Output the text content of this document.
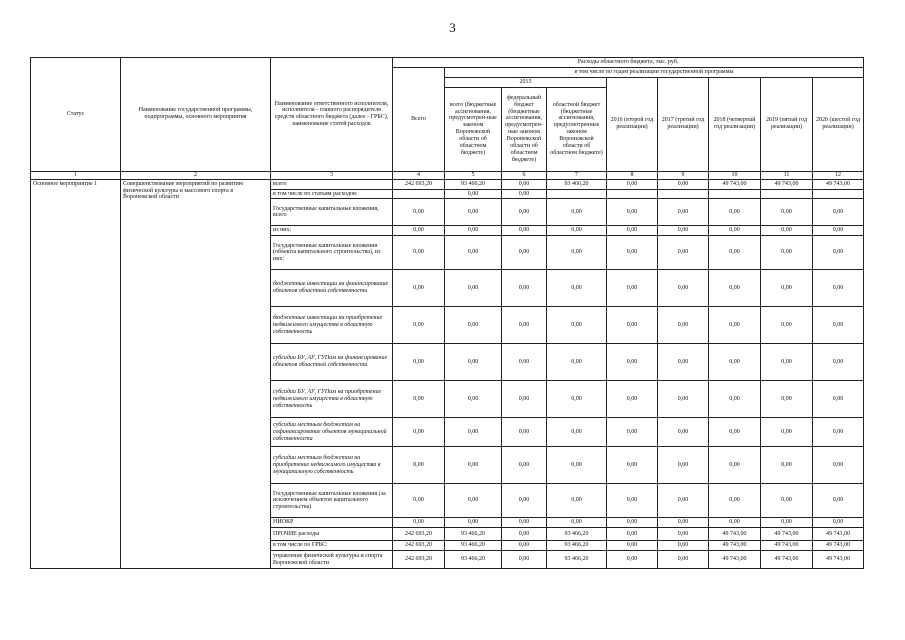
3
Статус	Наименование государственной программы, подпрограммы, основного мероприятия	Наименование ответственного исполнителя, исполнителя - главного распорядителя средств областного бюджета (далее - ГРБС), наименование статей расходов	Расходы областного бюджета, тыс. руб.								
			Всего	в том числе по годам реализации государственной программы							
				2015			2016 (второй год реализации)	2017 (третий год реализации)	2018 (четвертый год реализации)	2019 (пятый год реализации)	2020 (шестой год реализации)
				всего (бюджетные ассигнования, предусмотрен-ные законом Воронежской области об областном бюджете)	федеральный бюджет (бюджетные ассигнования, предусмотрен-ные законом Воронежской области об областном бюджете)	областной бюджет (бюджетные ассигнования, предусмотренные законом Воронежской области об областном бюджете)					
1	2	3	4	5	6	7	8	9	10	11	12
Основное мероприятие 1	Совершенствование мероприятий по развитию физической культуры и массового спорта в Воронежской области	всего	242 693,20	93 466,20	0,00	93 466,20	0,00	0,00	49 743,00	49 743,00	49 743,00
		в том числе по статьям расходов:		0,00	0,00						
		Государственные капитальные вложения, всего	0,00	0,00	0,00	0,00	0,00	0,00	0,00	0,00	0,00
		из них:	0,00	0,00	0,00	0,00	0,00	0,00	0,00	0,00	0,00
		Государственные капитальные вложения (объекты капитального строительства), из них:	0,00	0,00	0,00	0,00	0,00	0,00	0,00	0,00	0,00
		бюджетные инвестиции на финансирование объектов областной собственности	0,00	0,00	0,00	0,00	0,00	0,00	0,00	0,00	0,00
		бюджетные инвестиции на приобретение недвижимого имущества в областную собственность	0,00	0,00	0,00	0,00	0,00	0,00	0,00	0,00	0,00
		субсидии БУ, АУ, ГУПам на финансирование объектов областной собственности	0,00	0,00	0,00	0,00	0,00	0,00	0,00	0,00	0,00
		субсидии БУ, АУ, ГУПам на приобретение недвижимого имущества в областную собственность	0,00	0,00	0,00	0,00	0,00	0,00	0,00	0,00	0,00
		субсидии местным бюджетам на софинансирование объектов муниципальной собственности	0,00	0,00	0,00	0,00	0,00	0,00	0,00	0,00	0,00
		субсидии местным бюджетам на приобретение недвижимого имущества в муниципальную собственность	0,00	0,00	0,00	0,00	0,00	0,00	0,00	0,00	0,00
		Государственные капитальные вложения (за исключением объектов капитального строительства)	0,00	0,00	0,00	0,00	0,00	0,00	0,00	0,00	0,00
		НИОКР	0,00	0,00	0,00	0,00	0,00	0,00	0,00	0,00	0,00
		ПРОЧИЕ расходы	242 693,20	93 466,20	0,00	93 466,20	0,00	0,00	49 743,00	49 743,00	49 743,00
		в том числе по ГРБС:	242 693,20	93 466,20	0,00	93 466,20	0,00	0,00	49 743,00	49 743,00	49 743,00
		управление физической культуры и спорта Воронежской области	242 693,20	93 466,20	0,00	93 466,20	0,00	0,00	49 743,00	49 743,00	49 743,00
